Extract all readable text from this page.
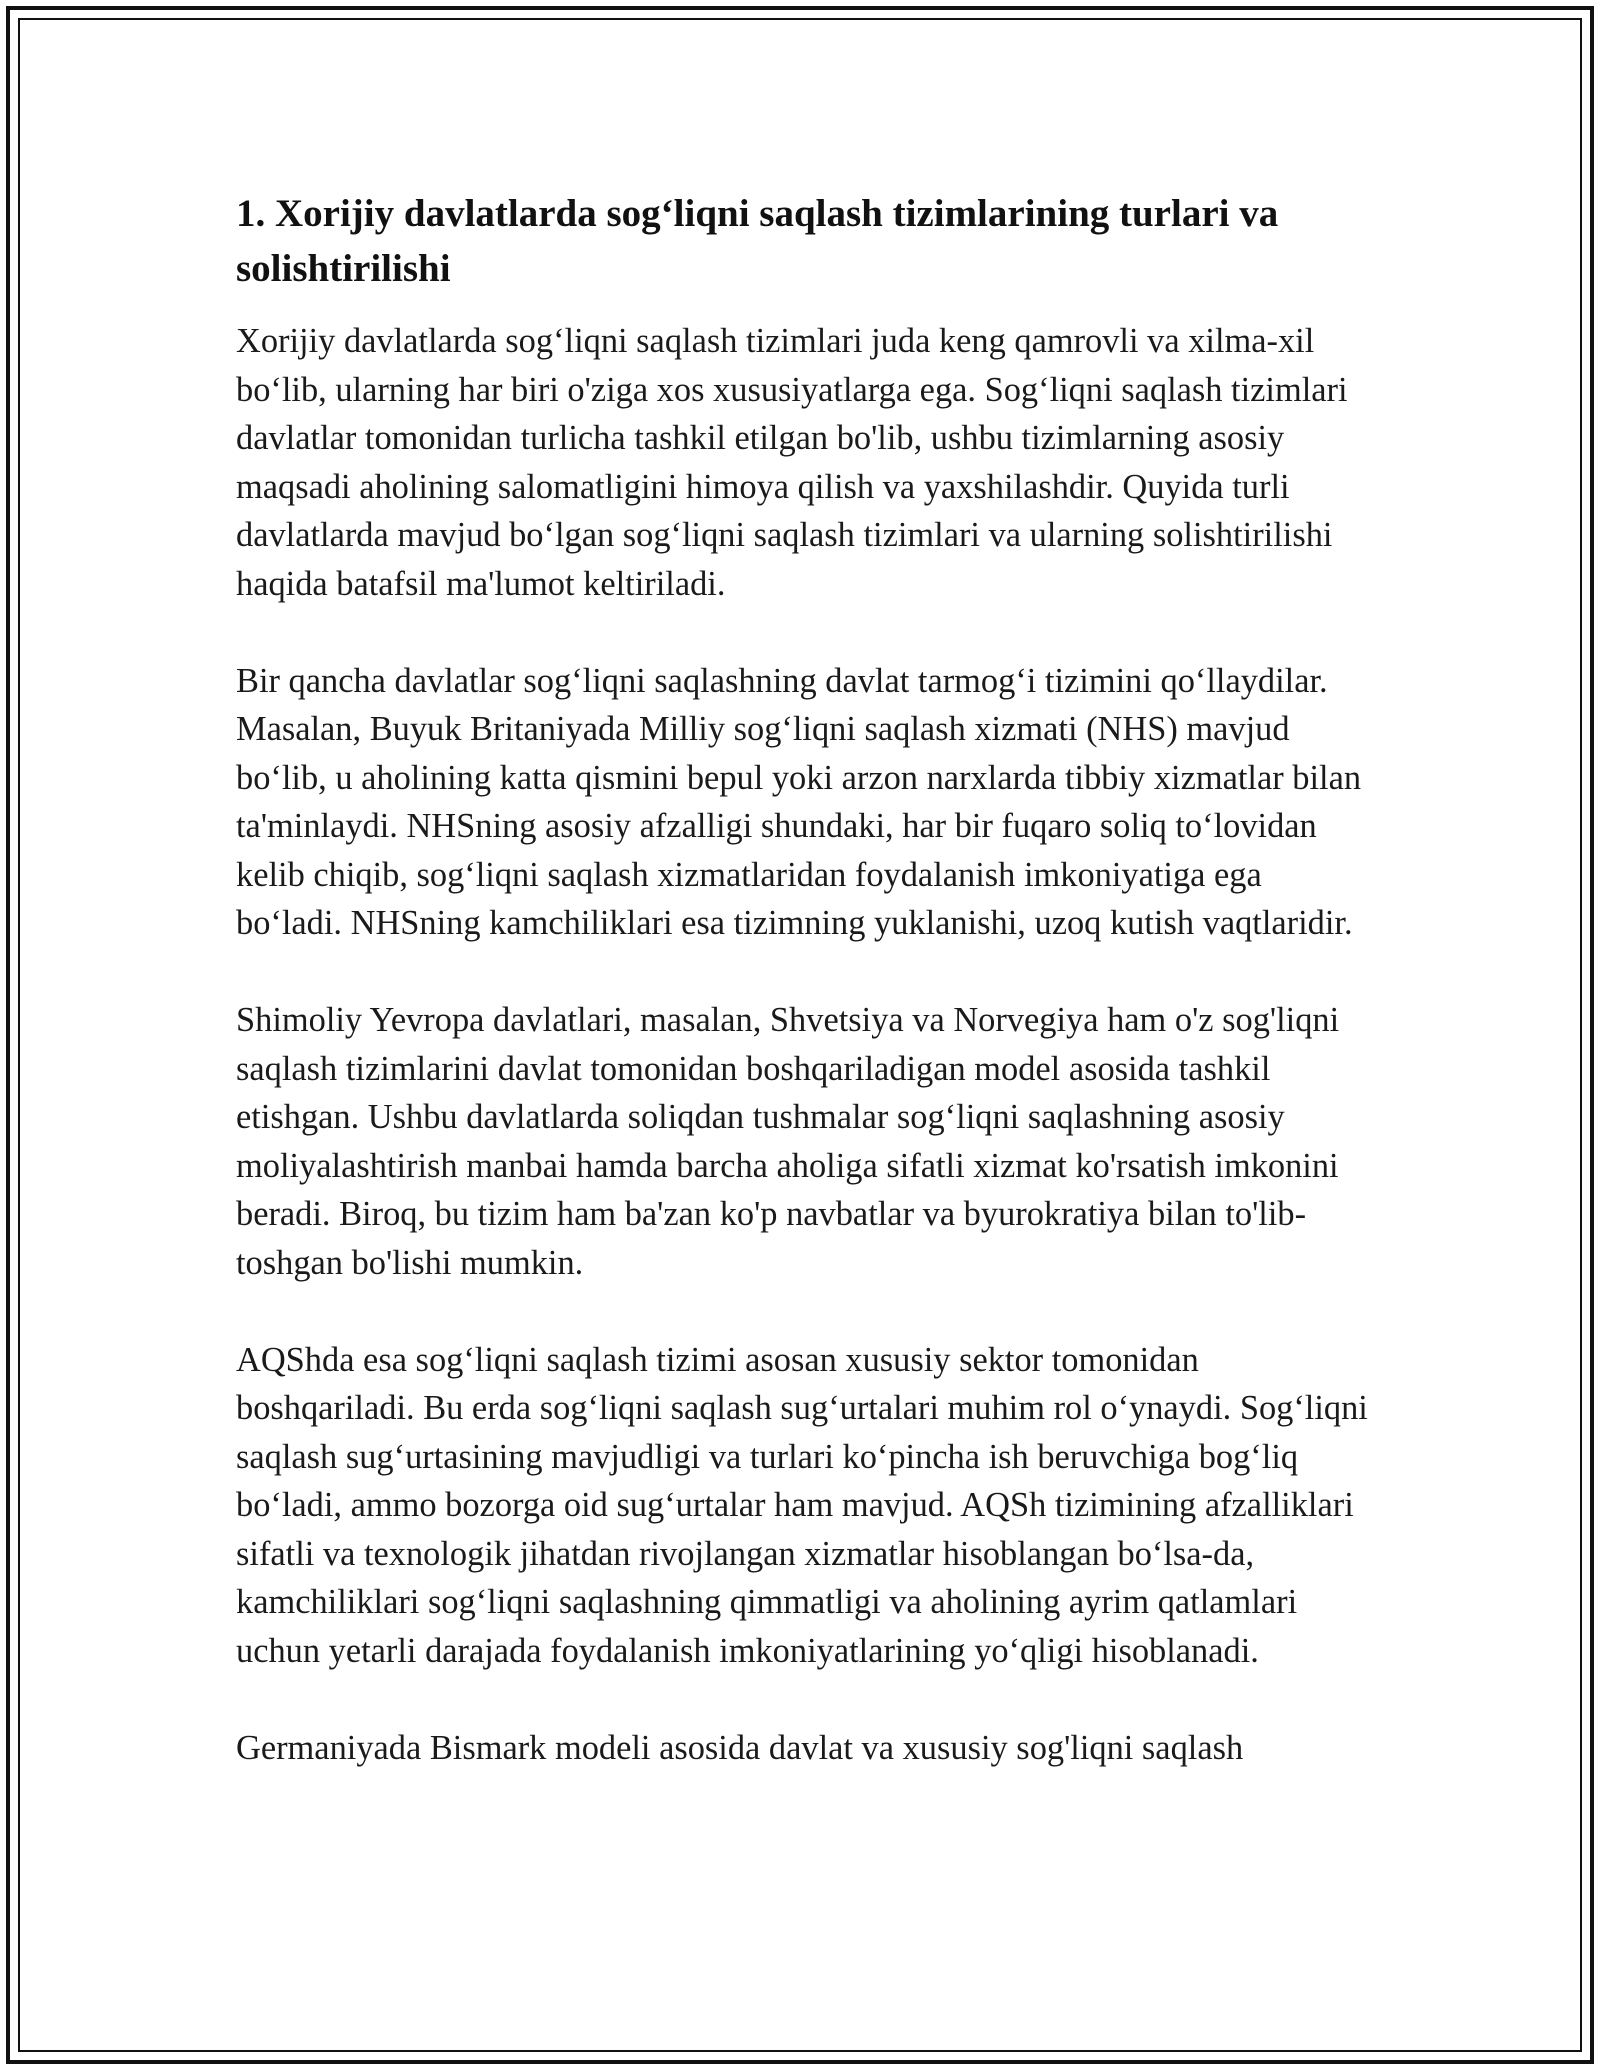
1. Xorijiy davlatlarda sog‘liqni saqlash tizimlarining turlari va solishtirilishi

Xorijiy davlatlarda sog‘liqni saqlash tizimlari juda keng qamrovli va xilma-xil bo‘lib, ularning har biri o'ziga xos xususiyatlarga ega. Sog‘liqni saqlash tizimlari davlatlar tomonidan turlicha tashkil etilgan bo'lib, ushbu tizimlarning asosiy maqsadi aholining salomatligini himoya qilish va yaxshilashdir. Quyida turli davlatlarda mavjud bo‘lgan sog‘liqni saqlash tizimlari va ularning solishtirilishi haqida batafsil ma'lumot keltiriladi.

Bir qancha davlatlar sog‘liqni saqlashning davlat tarmog‘i tizimini qo‘llaydilar. Masalan, Buyuk Britaniyada Milliy sog‘liqni saqlash xizmati (NHS) mavjud bo‘lib, u aholining katta qismini bepul yoki arzon narxlarda tibbiy xizmatlar bilan ta'minlaydi. NHSning asosiy afzalligi shundaki, har bir fuqaro soliq to‘lovidan kelib chiqib, sog‘liqni saqlash xizmatlaridan foydalanish imkoniyatiga ega bo‘ladi. NHSning kamchiliklari esa tizimning yuklanishi, uzoq kutish vaqtlaridir.

Shimoliy Yevropa davlatlari, masalan, Shvetsiya va Norvegiya ham o'z sog'liqni saqlash tizimlarini davlat tomonidan boshqariladigan model asosida tashkil etishgan. Ushbu davlatlarda soliqdan tushmalar sog‘liqni saqlashning asosiy moliyalashtirish manbai hamda barcha aholiga sifatli xizmat ko'rsatish imkonini beradi. Biroq, bu tizim ham ba'zan ko'p navbatlar va byurokratiya bilan to'lib-toshgan bo'lishi mumkin.

AQShda esa sog‘liqni saqlash tizimi asosan xususiy sektor tomonidan boshqariladi. Bu erda sog‘liqni saqlash sug‘urtalari muhim rol o‘ynaydi. Sog‘liqni saqlash sug‘urtasining mavjudligi va turlari ko‘pincha ish beruvchiga bog‘liq bo‘ladi, ammo bozorga oid sug‘urtalar ham mavjud. AQSh tizimining afzalliklari sifatli va texnologik jihatdan rivojlangan xizmatlar hisoblangan bo‘lsa-da, kamchiliklari sog‘liqni saqlashning qimmatligi va aholining ayrim qatlamlari uchun yetarli darajada foydalanish imkoniyatlarining yo‘qligi hisoblanadi.

Germaniyada Bismark modeli asosida davlat va xususiy sog'liqni saqlash
